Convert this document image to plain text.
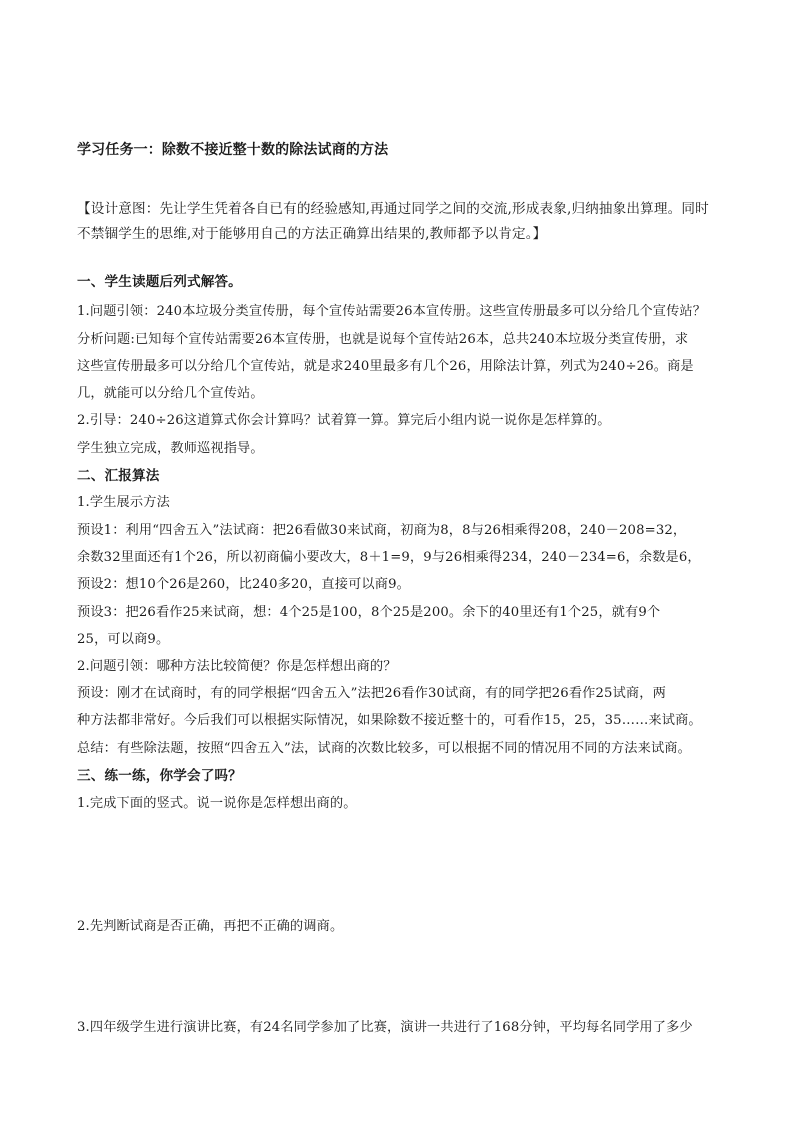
学习任务一：除数不接近整十数的除法试商的方法
【设计意图：先让学生凭着各自已有的经验感知,再通过同学之间的交流,形成表象,归纳抽象出算理。同时
不禁锢学生的思维,对于能够用自己的方法正确算出结果的,教师都予以肯定。】
一、学生读题后列式解答。
1.问题引领：240本垃圾分类宣传册，每个宣传站需要26本宣传册。这些宣传册最多可以分给几个宣传站？
分析问题:已知每个宣传站需要26本宣传册，也就是说每个宣传站26本，总共240本垃圾分类宣传册，求
这些宣传册最多可以分给几个宣传站，就是求240里最多有几个26，用除法计算，列式为240÷26。商是
几，就能可以分给几个宣传站。
2.引导：240÷26这道算式你会计算吗？试着算一算。算完后小组内说一说你是怎样算的。
学生独立完成，教师巡视指导。
二、汇报算法
1.学生展示方法
预设1：利用“四舍五入”法试商：把26看做30来试商，初商为8，8与26相乘得208，240－208=32，
余数32里面还有1个26，所以初商偏小要改大，8＋1=9，9与26相乘得234，240－234=6，余数是6，
预设2：想10个26是260，比240多20，直接可以商9。
预设3：把26看作25来试商，想：4个25是100，8个25是200。余下的40里还有1个25，就有9个
25，可以商9。
2.问题引领：哪种方法比较简便？你是怎样想出商的？
预设：刚才在试商时，有的同学根据“四舍五入”法把26看作30试商，有的同学把26看作25试商，两
种方法都非常好。今后我们可以根据实际情况，如果除数不接近整十的，可看作15，25，35……来试商。
总结：有些除法题，按照“四舍五入”法，试商的次数比较多，可以根据不同的情况用不同的方法来试商。
三、练一练，你学会了吗？
1.完成下面的竖式。说一说你是怎样想出商的。
2.先判断试商是否正确，再把不正确的调商。
3.四年级学生进行演讲比赛，有24名同学参加了比赛，演讲一共进行了168分钟，平均每名同学用了多少
